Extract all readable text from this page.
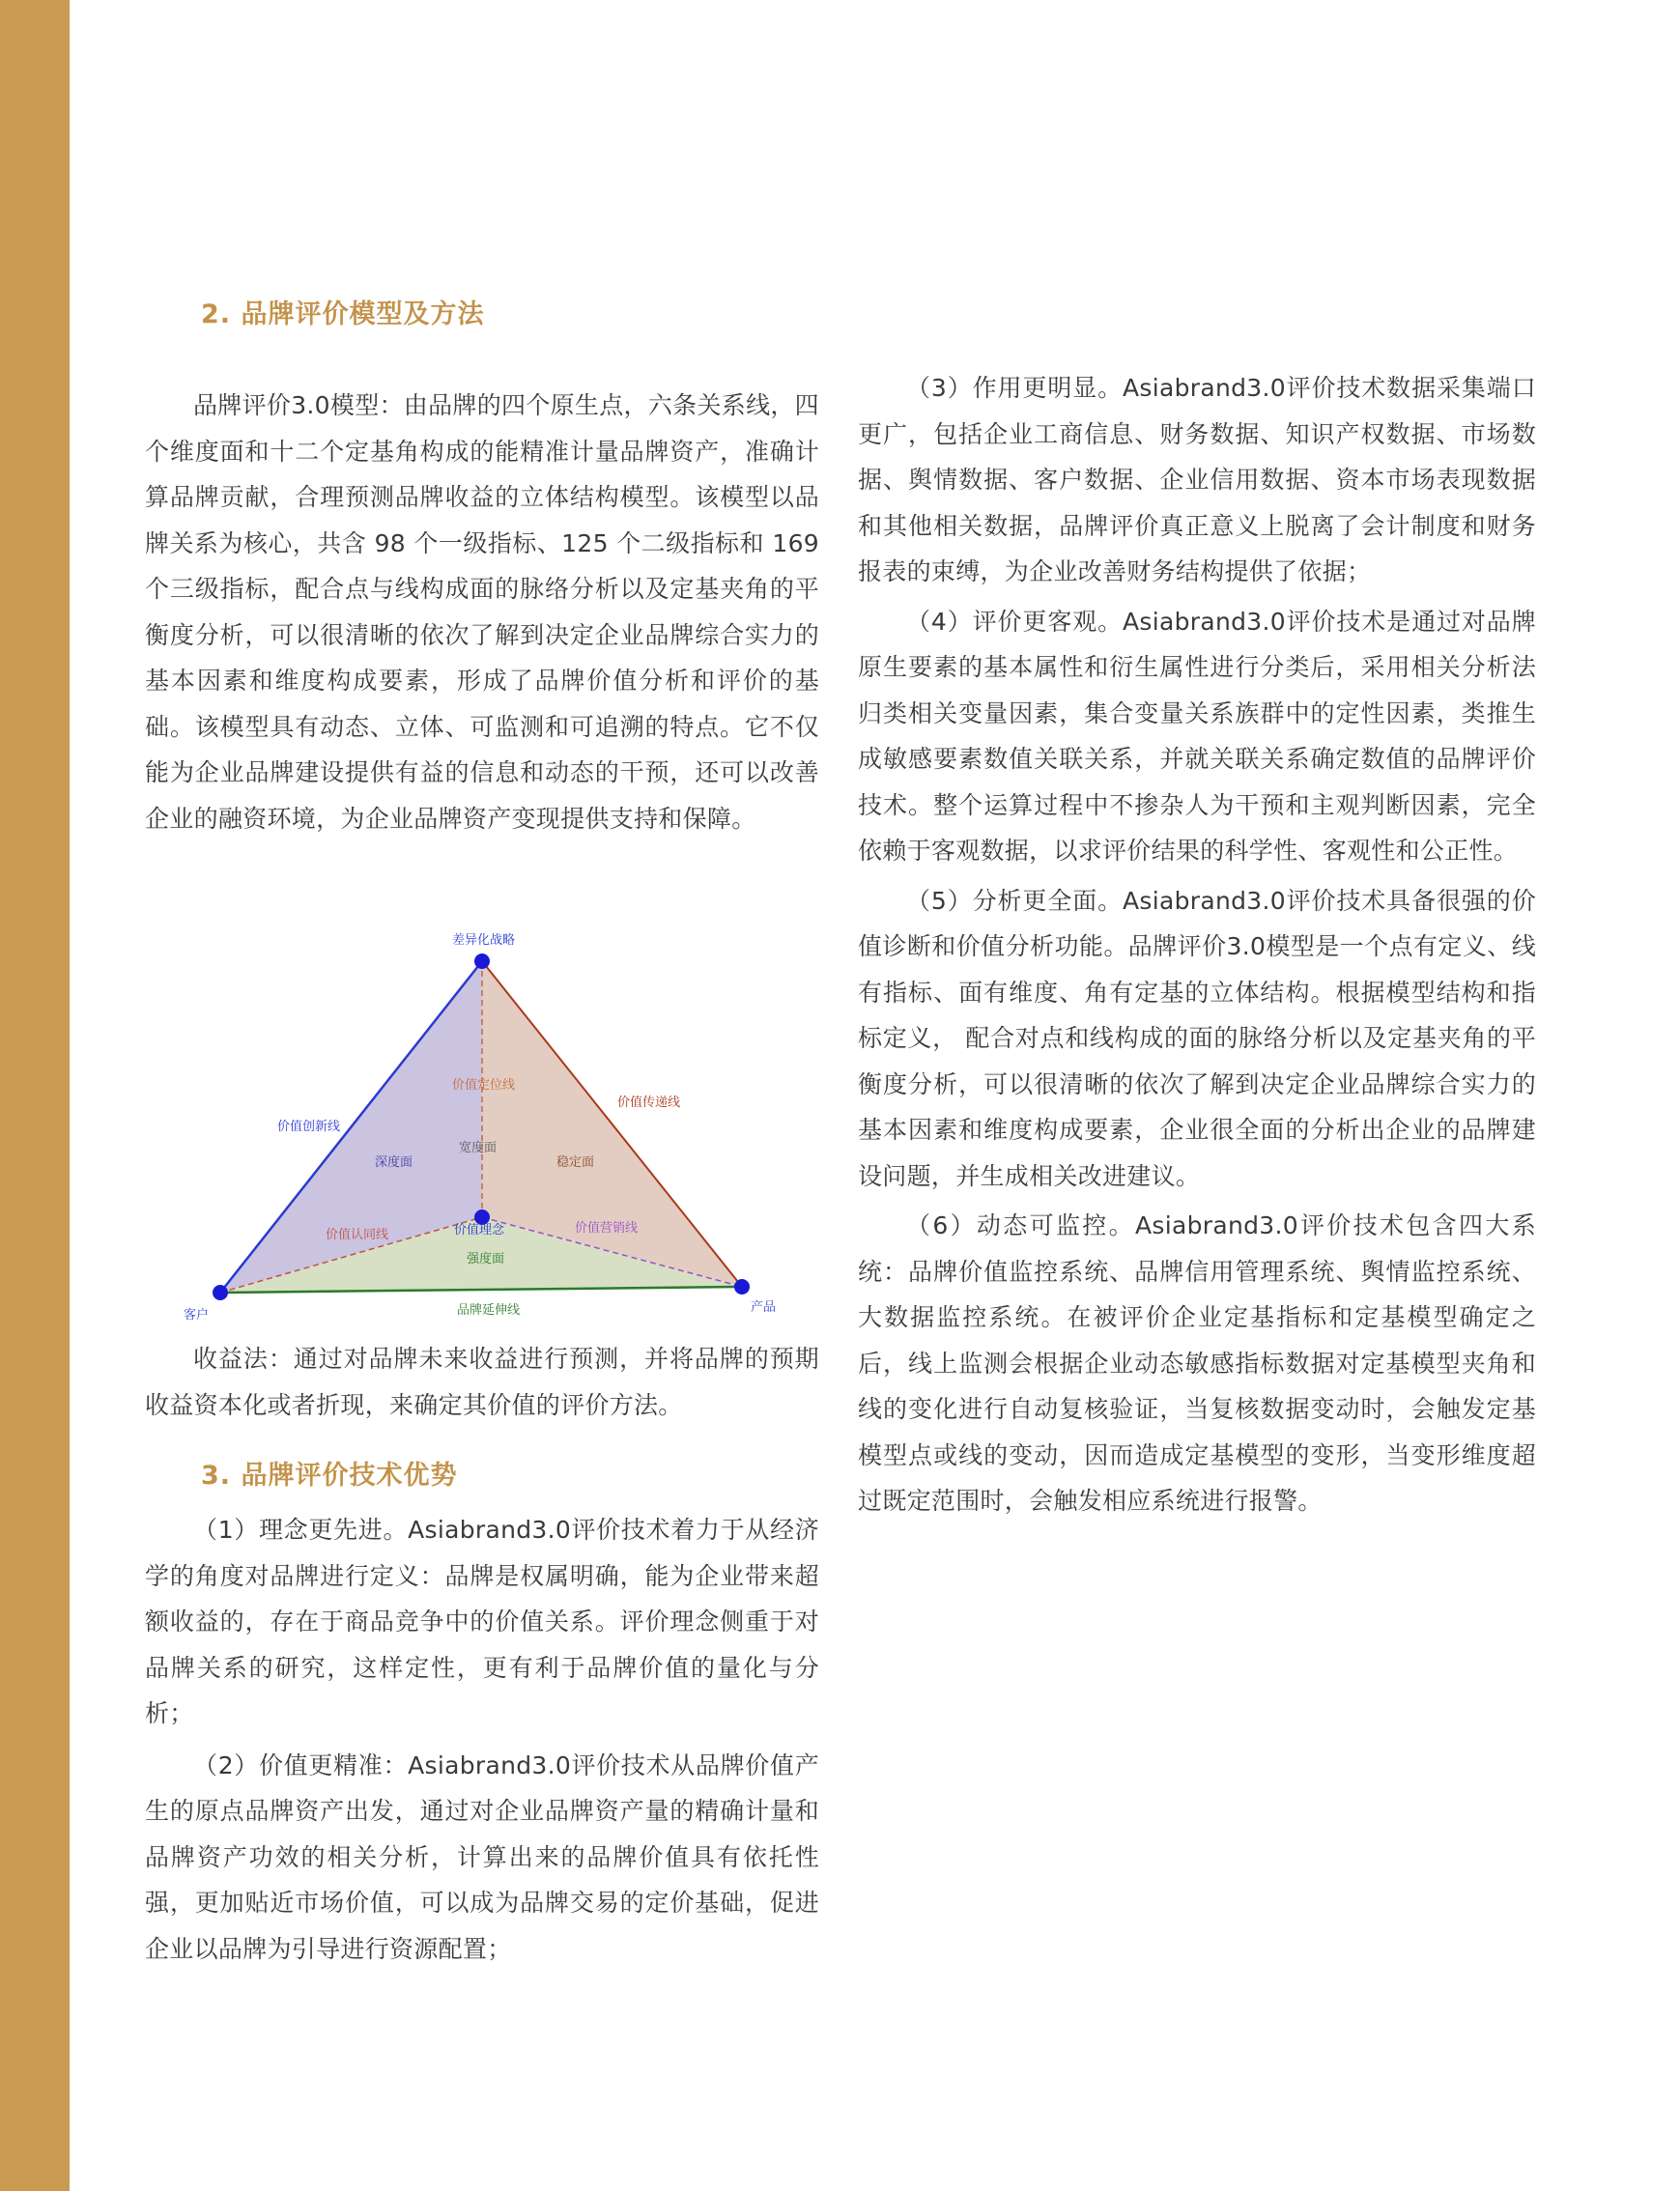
2. 品牌评价模型及方法

品牌评价3.0模型：由品牌的四个原生点，六条关系线，四个维度面和十二个定基角构成的能精准计量品牌资产，准确计算品牌贡献，合理预测品牌收益的立体结构模型。该模型以品牌关系为核心，共含 98 个一级指标、125 个二级指标和 169 个三级指标，配合点与线构成面的脉络分析以及定基夹角的平衡度分析，可以很清晰的依次了解到决定企业品牌综合实力的基本因素和维度构成要素，形成了品牌价值分析和评价的基础。该模型具有动态、立体、可监测和可追溯的特点。它不仅能为企业品牌建设提供有益的信息和动态的干预，还可以改善企业的融资环境，为企业品牌资产变现提供支持和保障。

差异化战略
客户
产品
价值理念
价值创新线
价值传递线
品牌延伸线
价值定位线
价值认同线	价值营销线
深度面	稳定面
宽度面
强度面

收益法：通过对品牌未来收益进行预测，并将品牌的预期收益资本化或者折现，来确定其价值的评价方法。

3. 品牌评价技术优势

（1）理念更先进。Asiabrand3.0评价技术着力于从经济学的角度对品牌进行定义：品牌是权属明确，能为企业带来超额收益的，存在于商品竞争中的价值关系。评价理念侧重于对品牌关系的研究，这样定性，更有利于品牌价值的量化与分析；

（2）价值更精准：Asiabrand3.0评价技术从品牌价值产生的原点品牌资产出发，通过对企业品牌资产量的精确计量和品牌资产功效的相关分析，计算出来的品牌价值具有依托性强，更加贴近市场价值，可以成为品牌交易的定价基础，促进企业以品牌为引导进行资源配置；

（3）作用更明显。Asiabrand3.0评价技术数据采集端口更广，包括企业工商信息、财务数据、知识产权数据、市场数据、舆情数据、客户数据、企业信用数据、资本市场表现数据和其他相关数据，品牌评价真正意义上脱离了会计制度和财务报表的束缚，为企业改善财务结构提供了依据；

（4）评价更客观。Asiabrand3.0评价技术是通过对品牌原生要素的基本属性和衍生属性进行分类后，采用相关分析法归类相关变量因素，集合变量关系族群中的定性因素，类推生成敏感要素数值关联关系，并就关联关系确定数值的品牌评价技术。整个运算过程中不掺杂人为干预和主观判断因素，完全依赖于客观数据，以求评价结果的科学性、客观性和公正性。

（5）分析更全面。Asiabrand3.0评价技术具备很强的价值诊断和价值分析功能。品牌评价3.0模型是一个点有定义、线有指标、面有维度、角有定基的立体结构。根据模型结构和指标定义， 配合对点和线构成的面的脉络分析以及定基夹角的平衡度分析，可以很清晰的依次了解到决定企业品牌综合实力的基本因素和维度构成要素，企业很全面的分析出企业的品牌建设问题，并生成相关改进建议。

（6）动态可监控。Asiabrand3.0评价技术包含四大系统：品牌价值监控系统、品牌信用管理系统、舆情监控系统、大数据监控系统。在被评价企业定基指标和定基模型确定之后，线上监测会根据企业动态敏感指标数据对定基模型夹角和线的变化进行自动复核验证，当复核数据变动时，会触发定基模型点或线的变动，因而造成定基模型的变形，当变形维度超过既定范围时，会触发相应系统进行报警。
